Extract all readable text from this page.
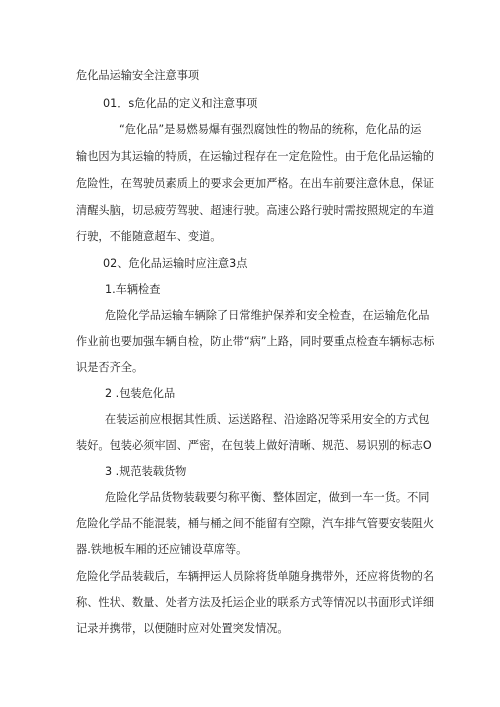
危化品运输安全注意事项
01．s危化品的定义和注意事项
“危化品”是易燃易爆有强烈腐蚀性的物品的统称，危化品的运
输也因为其运输的特质，在运输过程存在一定危险性。由于危化品运输的
危险性，在驾驶员素质上的要求会更加严格。在出车前要注意休息，保证
清醒头脑，切忌疲劳驾驶、超速行驶。高速公路行驶时需按照规定的车道
行驶，不能随意超车、变道。
02、危化品运输时应注意3点
1.车辆检查
危险化学品运输车辆除了日常维护保养和安全检查，在运输危化品
作业前也要加强车辆自检，防止带“病”上路，同时要重点检查车辆标志标
识是否齐全。
2 .包装危化品
在装运前应根据其性质、运送路程、沿途路况等采用安全的方式包
装好。包装必须牢固、严密，在包装上做好清晰、规范、易识别的标志O
3 .规范装载货物
危险化学品货物装载要匀称平衡、整体固定，做到一车一货。不同
危险化学品不能混装，桶与桶之间不能留有空隙，汽车排气管要安装阻火
器.铁地板车厢的还应铺设草席等。
危险化学品装载后，车辆押运人员除将货单随身携带外，还应将货物的名
称、性状、数量、处者方法及托运企业的联系方式等情况以书面形式详细
记录并携带，以便随时应对处置突发情况。
